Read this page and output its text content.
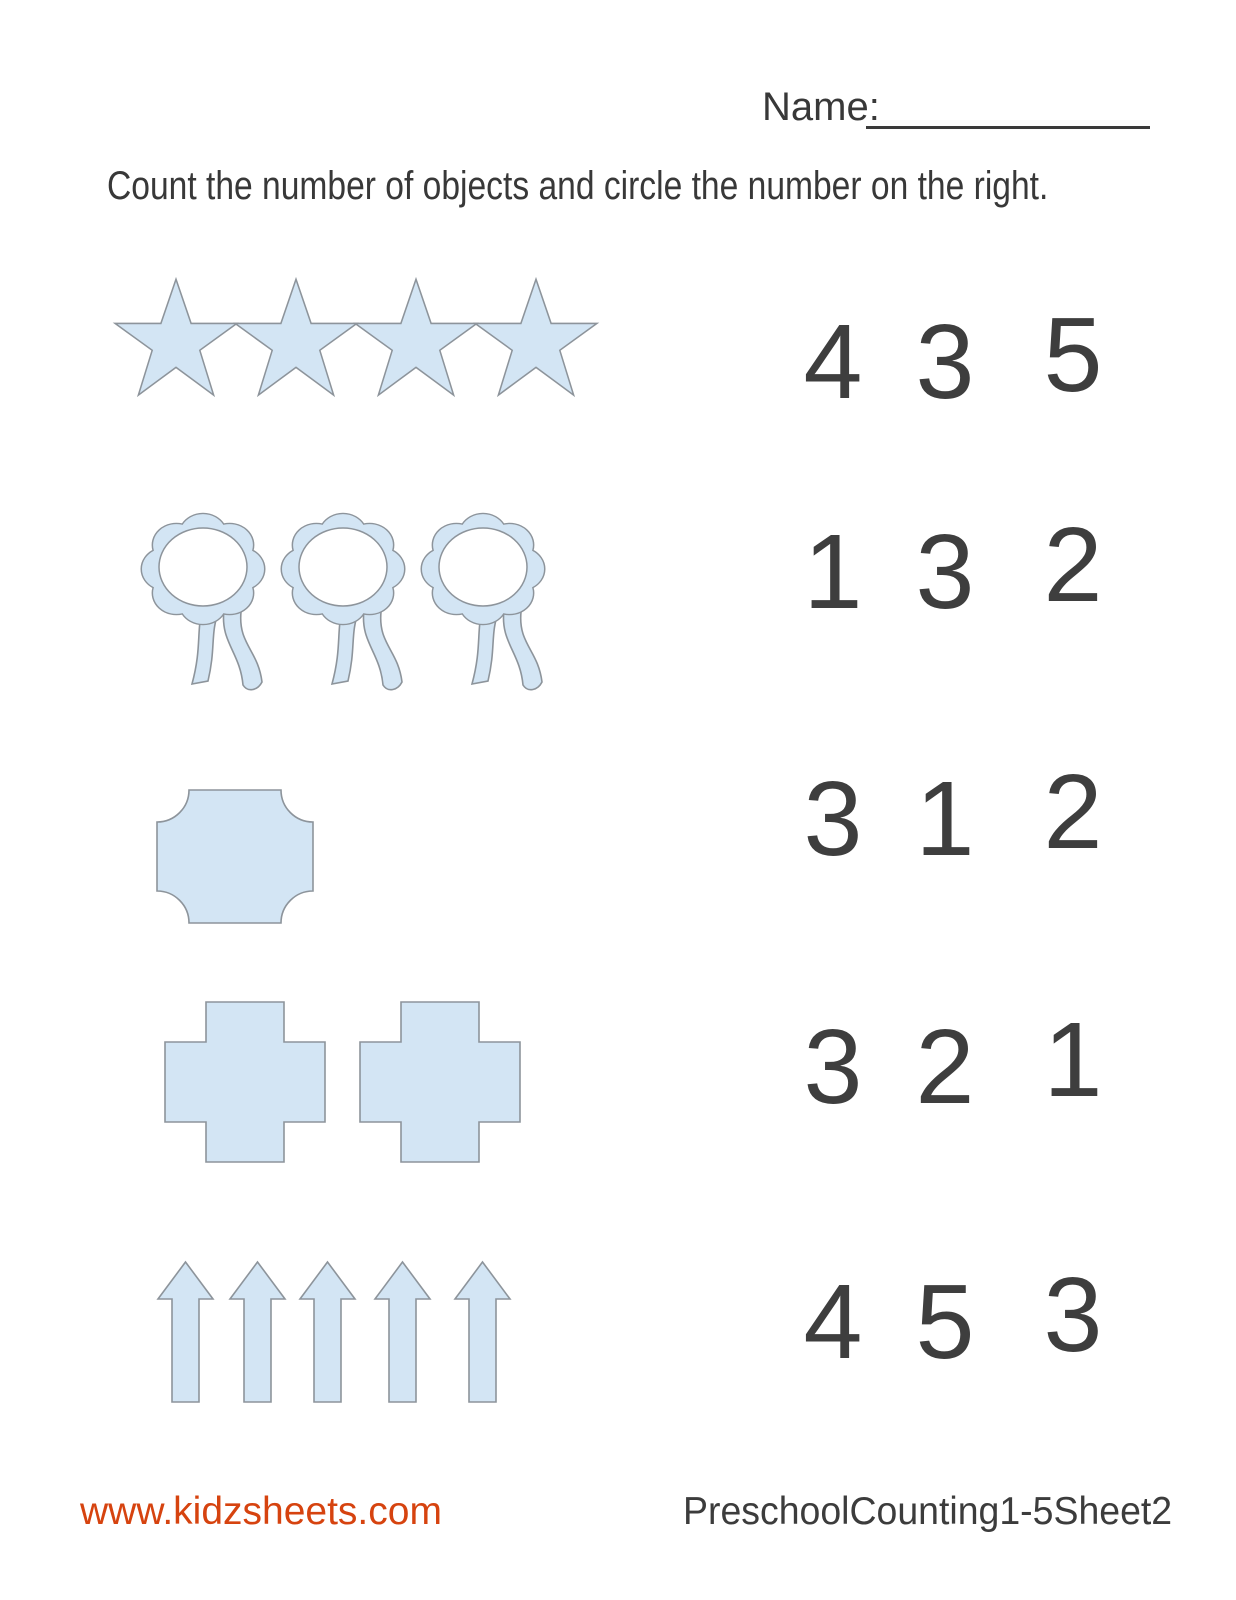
Name:
Count the number of objects and circle the number on the right.
4 3 5
1 3 2
3 1 2
3 2 1
4 5 3
www.kidzsheets.com	PreschoolCounting1-5Sheet2
